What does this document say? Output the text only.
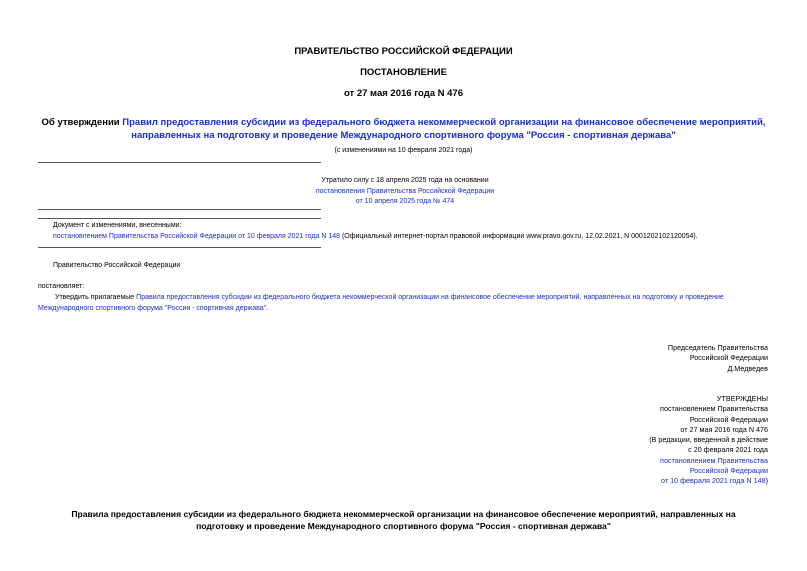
ПРАВИТЕЛЬСТВО РОССИЙСКОЙ ФЕДЕРАЦИИ
ПОСТАНОВЛЕНИЕ
от 27 мая 2016 года N 476
Об утверждении Правил предоставления субсидии из федерального бюджета некоммерческой организации на финансовое обеспечение мероприятий,
направленных на подготовку и проведение Международного спортивного форума "Россия - спортивная держава"
(с изменениями на 10 февраля 2021 года)
Утратило силу с 18 апреля 2025 года на основании
постановления Правительства Российской Федерации
от 10 апреля 2025 года № 474
Документ с изменениями, внесенными:
постановлением Правительства Российской Федерации от 10 февраля 2021 года N 148 (Официальный интернет-портал правовой информации www.pravo.gov.ru, 12.02.2021, N 0001202102120054).
Правительство Российской Федерации
постановляет:
Утвердить прилагаемые Правила предоставления субсидии из федерального бюджета некоммерческой организации на финансовое обеспечение мероприятий, направленных на подготовку и проведение
Международного спортивного форума "Россия - спортивная держава".
Председатель Правительства
Российской Федерации
Д.Медведев
УТВЕРЖДЕНЫ
постановлением Правительства
Российской Федерации
от 27 мая 2016 года N 476
(В редакции, введенной в действие
с 20 февраля 2021 года
постановлением Правительства
Российской Федерации
от 10 февраля 2021 года N 148)
Правила предоставления субсидии из федерального бюджета некоммерческой организации на финансовое обеспечение мероприятий, направленных на
подготовку и проведение Международного спортивного форума "Россия - спортивная держава"
